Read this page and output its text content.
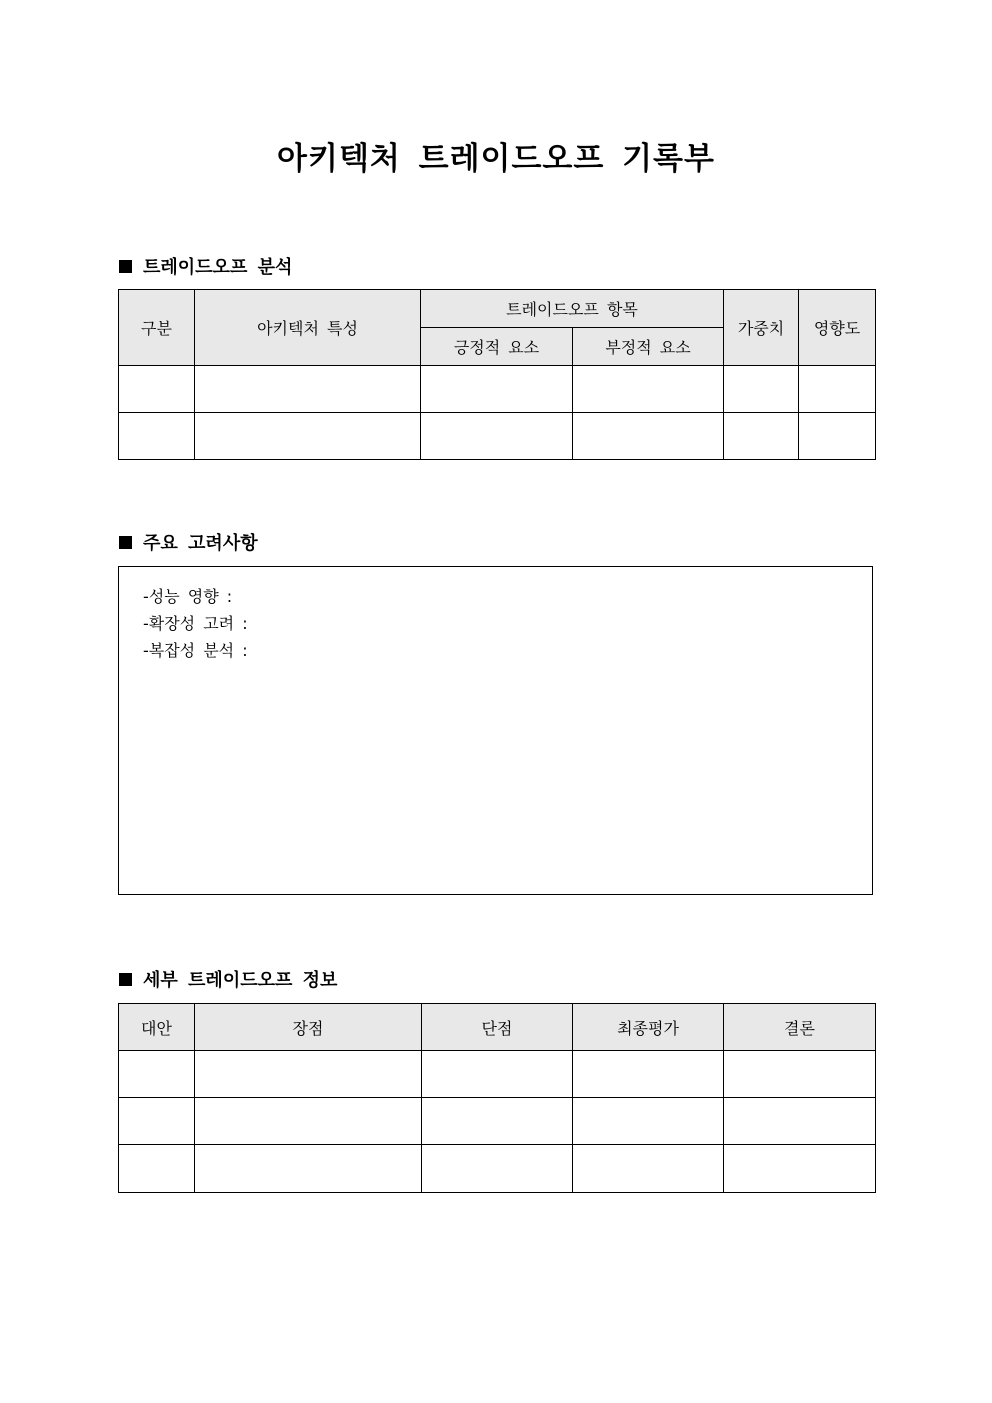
아키텍처 트레이드오프 기록부
트레이드오프 분석
구분	아키텍처 특성	트레이드오프 항목		가중치	영향도
		긍정적 요소	부정적 요소		

주요 고려사항
-성능 영향 :
-확장성 고려 :
-복잡성 분석 :
세부 트레이드오프 정보
대안	장점	단점	최종평가	결론
